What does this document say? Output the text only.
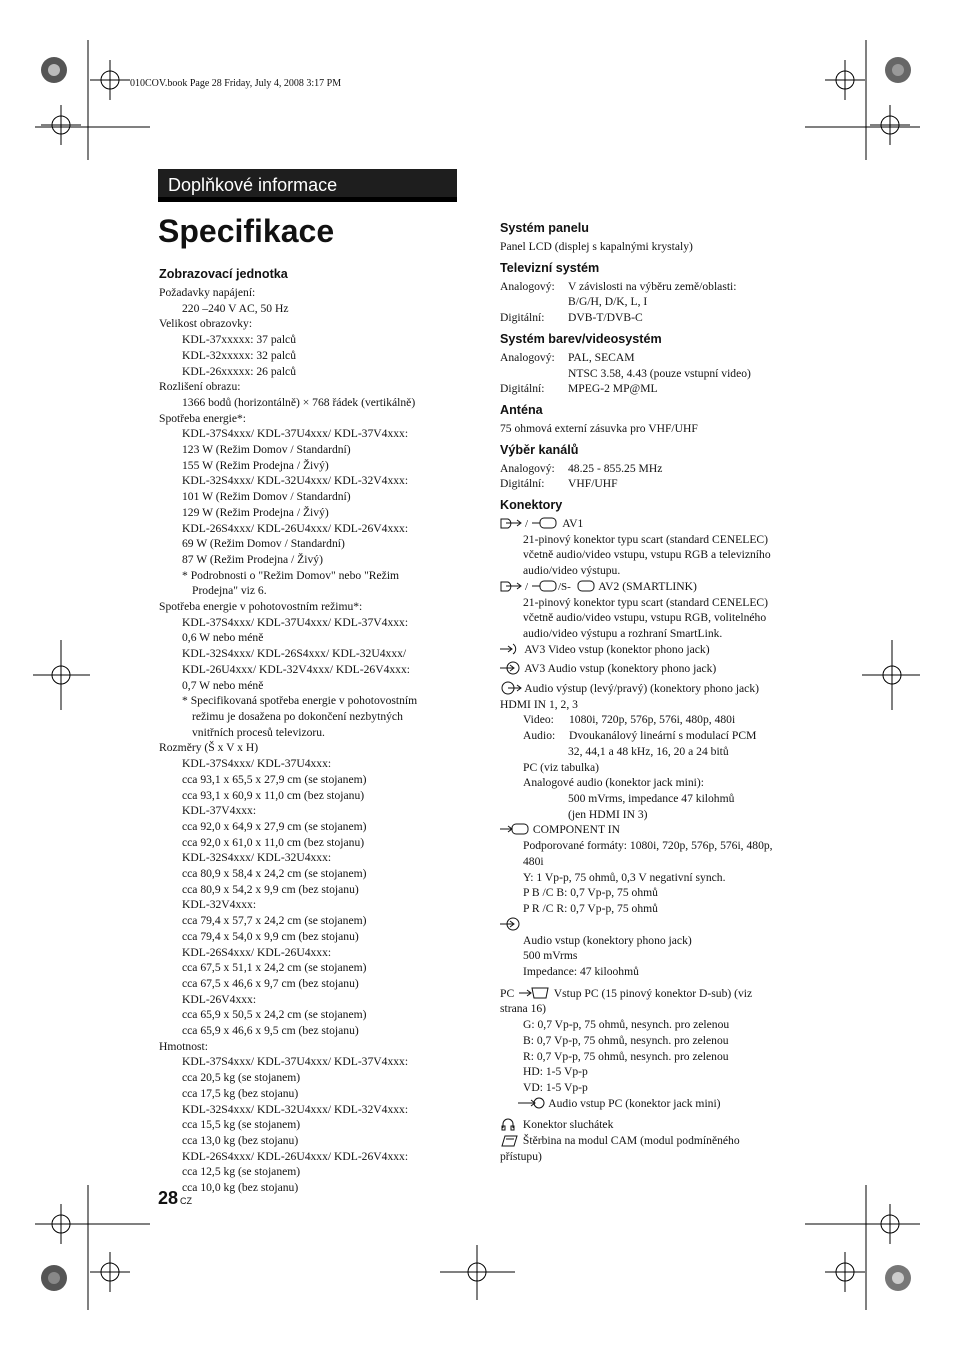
010COV.book Page 28 Friday, July 4, 2008 3:17 PM
Doplňkové informace
Specifikace
Zobrazovací jednotka
Požadavky napájení:
220 –240 V AC, 50 Hz
Velikost obrazovky:
KDL-37xxxxx: 37 palců
KDL-32xxxxx: 32 palců
KDL-26xxxxx: 26 palců
Rozlišení obrazu:
1366 bodů (horizontálně) × 768 řádek (vertikálně)
Spotřeba energie*:
KDL-37S4xxx/ KDL-37U4xxx/ KDL-37V4xxx:
123 W (Režim Domov / Standardní)
155 W (Režim Prodejna / Živý)
KDL-32S4xxx/ KDL-32U4xxx/ KDL-32V4xxx:
101 W (Režim Domov / Standardní)
129 W (Režim Prodejna / Živý)
KDL-26S4xxx/ KDL-26U4xxx/ KDL-26V4xxx:
69 W (Režim Domov / Standardní)
87 W (Režim Prodejna / Živý)
* Podrobnosti o "Režim Domov" nebo "Režim
Prodejna" viz 6.
Spotřeba energie v pohotovostním režimu*:
KDL-37S4xxx/ KDL-37U4xxx/ KDL-37V4xxx:
0,6 W nebo méně
KDL-32S4xxx/ KDL-26S4xxx/ KDL-32U4xxx/
KDL-26U4xxx/ KDL-32V4xxx/ KDL-26V4xxx:
0,7 W nebo méně
* Specifikovaná spotřeba energie v pohotovostním
režimu je dosažena po dokončení nezbytných
vnitřních procesů televizoru.
Rozměry (Š x V x H)
KDL-37S4xxx/ KDL-37U4xxx:
cca 93,1 x 65,5 x 27,9 cm (se stojanem)
cca 93,1 x 60,9 x 11,0 cm (bez stojanu)
KDL-37V4xxx:
cca 92,0 x 64,9 x 27,9 cm (se stojanem)
cca 92,0 x 61,0 x 11,0 cm (bez stojanu)
KDL-32S4xxx/ KDL-32U4xxx:
cca 80,9 x 58,4 x 24,2 cm (se stojanem)
cca 80,9 x 54,2 x 9,9 cm (bez stojanu)
KDL-32V4xxx:
cca 79,4 x 57,7 x 24,2 cm (se stojanem)
cca 79,4 x 54,0 x 9,9 cm (bez stojanu)
KDL-26S4xxx/ KDL-26U4xxx:
cca 67,5 x 51,1 x 24,2 cm (se stojanem)
cca 67,5 x 46,6 x 9,7 cm (bez stojanu)
KDL-26V4xxx:
cca 65,9 x 50,5 x 24,2 cm (se stojanem)
cca 65,9 x 46,6 x 9,5 cm (bez stojanu)
Hmotnost:
KDL-37S4xxx/ KDL-37U4xxx/ KDL-37V4xxx:
cca 20,5 kg (se stojanem)
cca 17,5 kg (bez stojanu)
KDL-32S4xxx/ KDL-32U4xxx/ KDL-32V4xxx:
cca 15,5 kg (se stojanem)
cca 13,0 kg (bez stojanu)
KDL-26S4xxx/ KDL-26U4xxx/ KDL-26V4xxx:
cca 12,5 kg (se stojanem)
cca 10,0 kg (bez stojanu)
Systém panelu
Panel LCD (displej s kapalnými krystaly)
Televizní systém
Analogový:	V závislosti na výběru země/oblasti:
B/G/H, D/K, L, I
Digitální:	DVB-T/DVB-C
Systém barev/videosystém
Analogový:	PAL, SECAM
NTSC 3.58, 4.43 (pouze vstupní video)
Digitální:	MPEG-2 MP@ML
Anténa
75 ohmová externí zásuvka pro VHF/UHF
Výběr kanálů
Analogový:	48.25 - 855.25 MHz
Digitální:	VHF/UHF
Konektory
/	AV1
21-pinový konektor typu scart (standard CENELEC)
včetně audio/video vstupu, vstupu RGB a televizního
audio/video výstupu.
/	/S- AV2 (SMARTLINK)
21-pinový konektor typu scart (standard CENELEC)
včetně audio/video vstupu, vstupu RGB, volitelného
audio/video výstupu a rozhraní SmartLink.
AV3 Video vstup (konektor phono jack)
AV3 Audio vstup (konektory phono jack)
Audio výstup (levý/pravý) (konektory phono jack)
HDMI IN 1, 2, 3
Video:	1080i, 720p, 576p, 576i, 480p, 480i
Audio:	Dvoukanálový lineární s modulací PCM
32, 44,1 a 48 kHz, 16, 20 a 24 bitů
PC (viz tabulka)
Analogové audio (konektor jack mini):
500 mVrms, impedance 47 kilohmů
(jen HDMI IN 3)
COMPONENT IN
Podporované formáty: 1080i, 720p, 576p, 576i, 480p,
480i
Y: 1 Vp-p, 75 ohmů, 0,3 V negativní synch.
P B /C B: 0,7 Vp-p, 75 ohmů
P R /C R: 0,7 Vp-p, 75 ohmů
Audio vstup (konektory phono jack)
500 mVrms
Impedance: 47 kiloohmů
PC	Vstup PC (15 pinový konektor D-sub) (viz
strana 16)
G: 0,7 Vp-p, 75 ohmů, nesynch. pro zelenou
B: 0,7 Vp-p, 75 ohmů, nesynch. pro zelenou
R: 0,7 Vp-p, 75 ohmů, nesynch. pro zelenou
HD: 1-5 Vp-p
VD: 1-5 Vp-p
Audio vstup PC (konektor jack mini)
Konektor sluchátek
Štěrbina na modul CAM (modul podmíněného
přístupu)
28 CZ
